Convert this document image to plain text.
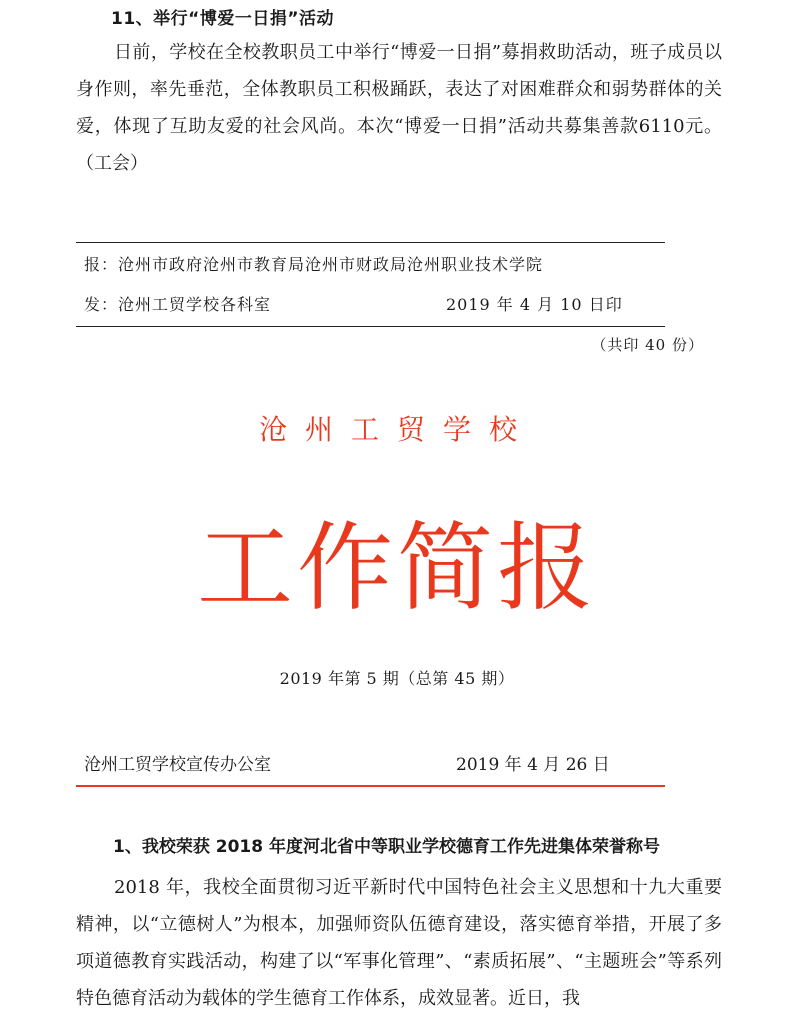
11、举行“博爱一日捐”活动

日前，学校在全校教职员工中举行“博爱一日捐”募捐救助活动，班子成员以身作则，率先垂范，全体教职员工积极踊跃，表达了对困难群众和弱势群体的关爱，体现了互助友爱的社会风尚。本次“博爱一日捐”活动共募集善款6110元。（工会）

报：沧州市政府沧州市教育局沧州市财政局沧州职业技术学院
发：沧州工贸学校各科室	2019 年 4 月 10 日印
（共印 40 份）
沧州工贸学校
工作简报
2019 年第 5 期（总第 45 期）
沧州工贸学校宣传办公室	2019 年 4 月 26 日
1、我校荣获 2018 年度河北省中等职业学校德育工作先进集体荣誉称号

2018 年，我校全面贯彻习近平新时代中国特色社会主义思想和十九大重要精神，以“立德树人”为根本，加强师资队伍德育建设，落实德育举措，开展了多项道德教育实践活动，构建了以“军事化管理”、“素质拓展”、“主题班会”等系列特色德育活动为载体的学生德育工作体系，成效显著。近日，我
